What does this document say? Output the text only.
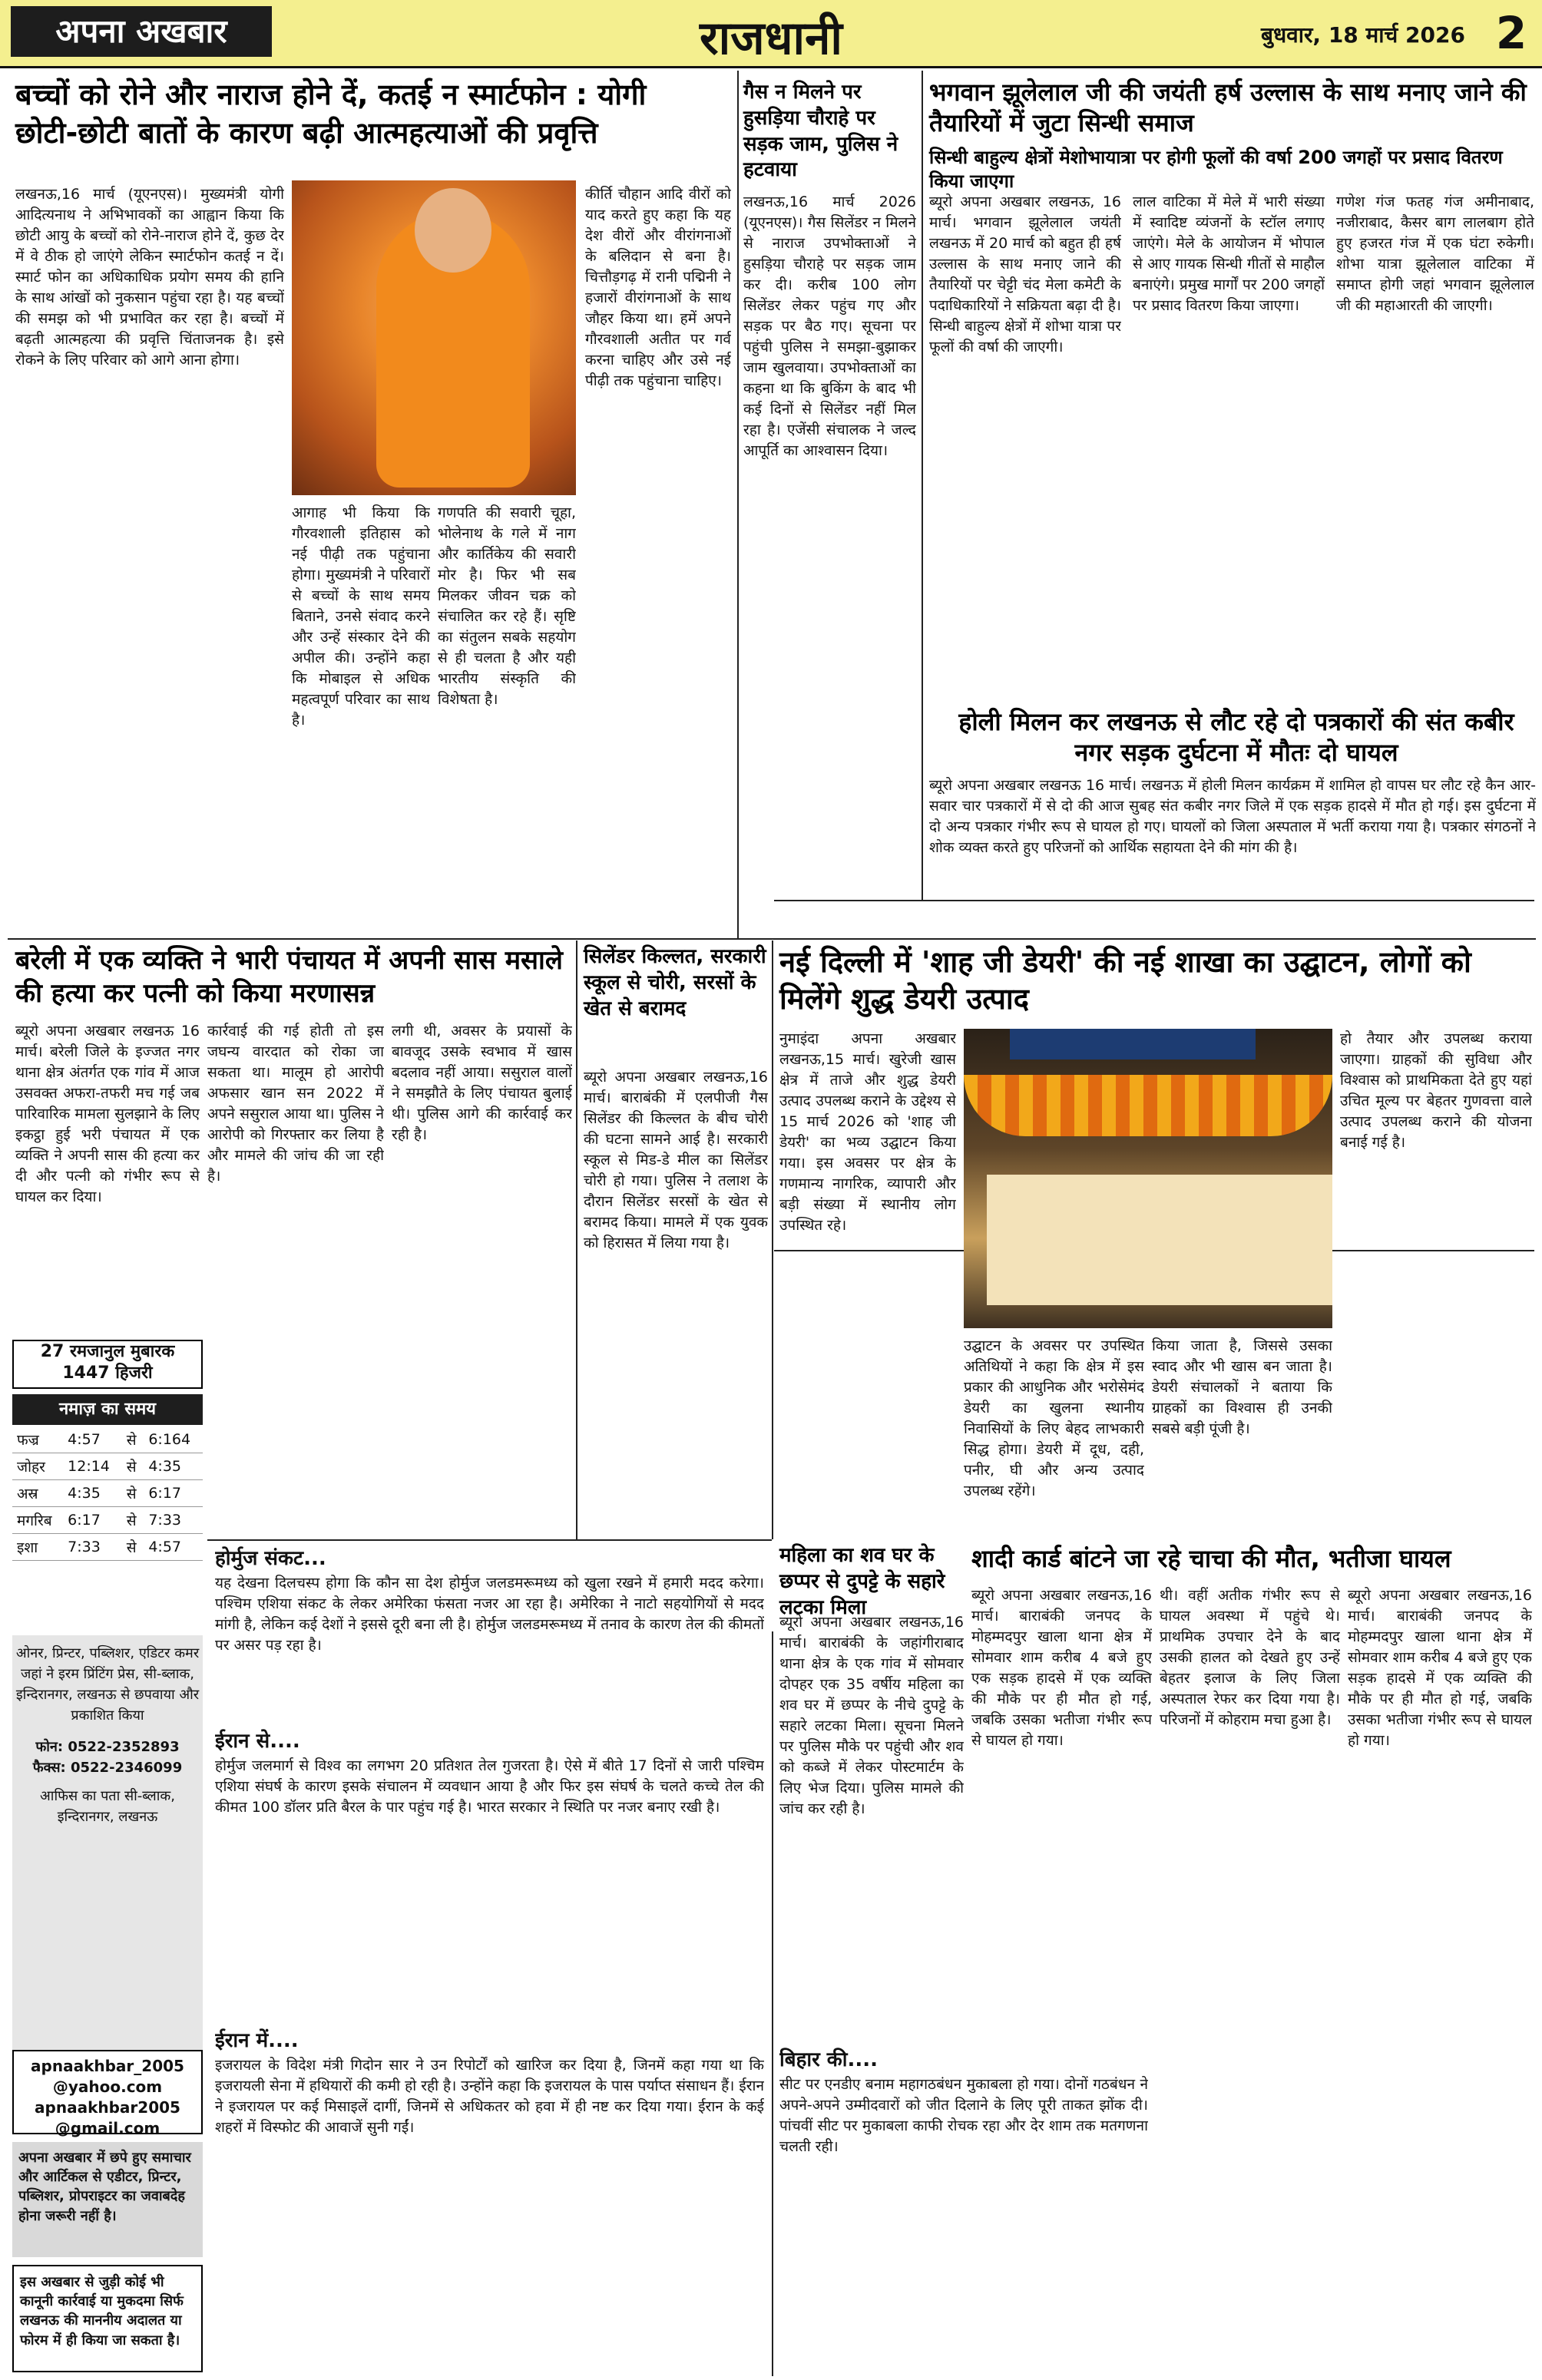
अपना अखबार	राजधानी	बुधवार, 18 मार्च 2026 2
बच्चों को रोने और नाराज होने दें, कतई न स्मार्टफोन : योगी
छोटी-छोटी बातों के कारण बढ़ी आत्महत्याओं की प्रवृत्ति
लखनऊ,16 मार्च (यूएनएस)। मुख्यमंत्री योगी आदित्यनाथ ने अभिभावकों का आह्वान किया कि छोटी आयु के बच्चों को रोने-नाराज होने दें, कुछ देर में वे ठीक हो जाएंगे लेकिन स्मार्टफोन कतई न दें। स्मार्ट फोन का अधिकाधिक प्रयोग समय की हानि के साथ आंखों को नुकसान पहुंचा रहा है। यह बच्चों की समझ को भी प्रभावित कर रहा है। बच्चों में बढ़ती आत्महत्या की प्रवृत्ति चिंताजनक है। इसे रोकने के लिए परिवार को आगे आना होगा।
आगाह भी किया कि गौरवशाली इतिहास को नई पीढ़ी तक पहुंचाना होगा। मुख्यमंत्री ने परिवारों से बच्चों के साथ समय बिताने, उनसे संवाद करने और उन्हें संस्कार देने की अपील की। उन्होंने कहा कि मोबाइल से अधिक महत्वपूर्ण परिवार का साथ है।
गणपति की सवारी चूहा, भोलेनाथ के गले में नाग और कार्तिकेय की सवारी मोर है। फिर भी सब मिलकर जीवन चक्र को संचालित कर रहे हैं। सृष्टि का संतुलन सबके सहयोग से ही चलता है और यही भारतीय संस्कृति की विशेषता है।
कीर्ति चौहान आदि वीरों को याद करते हुए कहा कि यह देश वीरों और वीरांगनाओं के बलिदान से बना है। चित्तौड़गढ़ में रानी पद्मिनी ने हजारों वीरांगनाओं के साथ जौहर किया था। हमें अपने गौरवशाली अतीत पर गर्व करना चाहिए और उसे नई पीढ़ी तक पहुंचाना चाहिए।
गैस न मिलने पर हुसड़िया चौराहे पर सड़क जाम, पुलिस ने हटवाया
लखनऊ,16 मार्च 2026 (यूएनएस)। गैस सिलेंडर न मिलने से नाराज उपभोक्ताओं ने हुसड़िया चौराहे पर सड़क जाम कर दी। करीब 100 लोग सिलेंडर लेकर पहुंच गए और सड़क पर बैठ गए। सूचना पर पहुंची पुलिस ने समझा-बुझाकर जाम खुलवाया। उपभोक्ताओं का कहना था कि बुकिंग के बाद भी कई दिनों से सिलेंडर नहीं मिल रहा है। एजेंसी संचालक ने जल्द आपूर्ति का आश्वासन दिया।
भगवान झूलेलाल जी की जयंती हर्ष उल्लास के साथ मनाए जाने की तैयारियों में जुटा सिन्धी समाज
सिन्धी बाहुल्य क्षेत्रों मेशोभायात्रा पर होगी फूलों की वर्षा 200 जगहों पर प्रसाद वितरण किया जाएगा
ब्यूरो अपना अखबार लखनऊ, 16 मार्च। भगवान झूलेलाल जयंती लखनऊ में 20 मार्च को बहुत ही हर्ष उल्लास के साथ मनाए जाने की तैयारियों पर चेट्टी चंद मेला कमेटी के पदाधिकारियों ने सक्रियता बढ़ा दी है। सिन्धी बाहुल्य क्षेत्रों में शोभा यात्रा पर फूलों की वर्षा की जाएगी।
लाल वाटिका में मेले में भारी संख्या में स्वादिष्ट व्यंजनों के स्टॉल लगाए जाएंगे। मेले के आयोजन में भोपाल से आए गायक सिन्धी गीतों से माहौल बनाएंगे। प्रमुख मार्गों पर 200 जगहों पर प्रसाद वितरण किया जाएगा।
गणेश गंज फतह गंज अमीनाबाद, नजीराबाद, कैसर बाग लालबाग होते हुए हजरत गंज में एक घंटा रुकेगी। शोभा यात्रा झूलेलाल वाटिका में समाप्त होगी जहां भगवान झूलेलाल जी की महाआरती की जाएगी।
होली मिलन कर लखनऊ से लौट रहे दो पत्रकारों की संत कबीर नगर सड़क दुर्घटना में मौतः दो घायल
ब्यूरो अपना अखबार लखनऊ 16 मार्च। लखनऊ में होली मिलन कार्यक्रम में शामिल हो वापस घर लौट रहे कैन आर-सवार चार पत्रकारों में से दो की आज सुबह संत कबीर नगर जिले में एक सड़क हादसे में मौत हो गई। इस दुर्घटना में दो अन्य पत्रकार गंभीर रूप से घायल हो गए। घायलों को जिला अस्पताल में भर्ती कराया गया है। पत्रकार संगठनों ने शोक व्यक्त करते हुए परिजनों को आर्थिक सहायता देने की मांग की है।
बरेली में एक व्यक्ति ने भारी पंचायत में अपनी सास मसाले की हत्या कर पत्नी को किया मरणासन्न
ब्यूरो अपना अखबार लखनऊ 16 मार्च। बरेली जिले के इज्जत नगर थाना क्षेत्र अंतर्गत एक गांव में आज उसवक्त अफरा-तफरी मच गई जब पारिवारिक मामला सुलझाने के लिए इकट्ठा हुई भरी पंचायत में एक व्यक्ति ने अपनी सास की हत्या कर दी और पत्नी को गंभीर रूप से घायल कर दिया।
कार्रवाई की गई होती तो इस जघन्य वारदात को रोका जा सकता था। मालूम हो आरोपी अफसार खान सन 2022 में अपने ससुराल आया था। पुलिस ने आरोपी को गिरफ्तार कर लिया है और मामले की जांच की जा रही है।
लगी थी, अवसर के प्रयासों के बावजूद उसके स्वभाव में खास बदलाव नहीं आया। ससुराल वालों ने समझौते के लिए पंचायत बुलाई थी। पुलिस आगे की कार्रवाई कर रही है।
सिलेंडर किल्लत, सरकारी स्कूल से चोरी, सरसों के खेत से बरामद
ब्यूरो अपना अखबार लखनऊ,16 मार्च। बाराबंकी में एलपीजी गैस सिलेंडर की किल्लत के बीच चोरी की घटना सामने आई है। सरकारी स्कूल से मिड-डे मील का सिलेंडर चोरी हो गया। पुलिस ने तलाश के दौरान सिलेंडर सरसों के खेत से बरामद किया। मामले में एक युवक को हिरासत में लिया गया है।
नई दिल्ली में 'शाह जी डेयरी' की नई शाखा का उद्घाटन, लोगों को मिलेंगे शुद्ध डेयरी उत्पाद
नुमाइंदा अपना अखबार लखनऊ,15 मार्च। खुरेजी खास क्षेत्र में ताजे और शुद्ध डेयरी उत्पाद उपलब्ध कराने के उद्देश्य से 15 मार्च 2026 को 'शाह जी डेयरी' का भव्य उद्घाटन किया गया। इस अवसर पर क्षेत्र के गणमान्य नागरिक, व्यापारी और बड़ी संख्या में स्थानीय लोग उपस्थित रहे।
हो तैयार और उपलब्ध कराया जाएगा। ग्राहकों की सुविधा और विश्वास को प्राथमिकता देते हुए यहां उचित मूल्य पर बेहतर गुणवत्ता वाले उत्पाद उपलब्ध कराने की योजना बनाई गई है।
उद्घाटन के अवसर पर उपस्थित अतिथियों ने कहा कि क्षेत्र में इस प्रकार की आधुनिक और भरोसेमंद डेयरी का खुलना स्थानीय निवासियों के लिए बेहद लाभकारी सिद्ध होगा। डेयरी में दूध, दही, पनीर, घी और अन्य उत्पाद उपलब्ध रहेंगे।
किया जाता है, जिससे उसका स्वाद और भी खास बन जाता है। डेयरी संचालकों ने बताया कि ग्राहकों का विश्वास ही उनकी सबसे बड़ी पूंजी है।
27 रमजानुल मुबारक
1447 हिजरी
नमाज़ का समय
फज्र	4:57	से	6:164
जोहर	12:14	से	4:35
अस्र	4:35	से	6:17
मगरिब	6:17	से	7:33
इशा	7:33	से	4:57 होर्मुज संकट...
यह देखना दिलचस्प होगा कि कौन सा देश होर्मुज जलडमरूमध्य को खुला रखने में हमारी मदद करेगा। पश्चिम एशिया संकट के लेकर अमेरिका फंसता नजर आ रहा है। अमेरिका ने नाटो सहयोगियों से मदद मांगी है, लेकिन कई देशों ने इससे दूरी बना ली है। होर्मुज जलडमरूमध्य में तनाव के कारण तेल की कीमतों पर असर पड़ रहा है।
ईरान से....
होर्मुज जलमार्ग से विश्व का लगभग 20 प्रतिशत तेल गुजरता है। ऐसे में बीते 17 दिनों से जारी पश्चिम एशिया संघर्ष के कारण इसके संचालन में व्यवधान आया है और फिर इस संघर्ष के चलते कच्चे तेल की कीमत 100 डॉलर प्रति बैरल के पार पहुंच गई है। भारत सरकार ने स्थिति पर नजर बनाए रखी है।
ईरान में....
इजरायल के विदेश मंत्री गिदोन सार ने उन रिपोर्टों को खारिज कर दिया है, जिनमें कहा गया था कि इजरायली सेना में हथियारों की कमी हो रही है। उन्होंने कहा कि इजरायल के पास पर्याप्त संसाधन हैं। ईरान ने इजरायल पर कई मिसाइलें दागीं, जिनमें से अधिकतर को हवा में ही नष्ट कर दिया गया। ईरान के कई शहरों में विस्फोट की आवाजें सुनी गईं।
ओनर, प्रिन्टर, पब्लिशर, एडिटर कमर जहां ने इरम प्रिंटिंग प्रेस, सी-ब्लाक, इन्दिरानगर, लखनऊ से छपवाया और प्रकाशित किया
फोन: 0522-2352893
फैक्स: 0522-2346099
आफिस का पता सी-ब्लाक, इन्दिरानगर, लखनऊ
apnaakhbar_2005
@yahoo.com
apnaakhbar2005
@gmail.com
अपना अखबार में छपे हुए समाचार और आर्टिकल से एडीटर, प्रिन्टर, पब्लिशर, प्रोपराइटर का जवाबदेह होना जरूरी नहीं है।
इस अखबार से जुड़ी कोई भी कानूनी कार्रवाई या मुकदमा सिर्फ लखनऊ की माननीय अदालत या फोरम में ही किया जा सकता है।
महिला का शव घर के छप्पर से दुपट्टे के सहारे लटका मिला
ब्यूरो अपना अखबार लखनऊ,16 मार्च। बाराबंकी के जहांगीराबाद थाना क्षेत्र के एक गांव में सोमवार दोपहर एक 35 वर्षीय महिला का शव घर में छप्पर के नीचे दुपट्टे के सहारे लटका मिला। सूचना मिलने पर पुलिस मौके पर पहुंची और शव को कब्जे में लेकर पोस्टमार्टम के लिए भेज दिया। पुलिस मामले की जांच कर रही है।
बिहार की....
सीट पर एनडीए बनाम महागठबंधन मुकाबला हो गया। दोनों गठबंधन ने अपने-अपने उम्मीदवारों को जीत दिलाने के लिए पूरी ताकत झोंक दी। पांचवीं सीट पर मुकाबला काफी रोचक रहा और देर शाम तक मतगणना चलती रही।
शादी कार्ड बांटने जा रहे चाचा की मौत, भतीजा घायल
ब्यूरो अपना अखबार लखनऊ,16 मार्च। बाराबंकी जनपद के मोहम्मदपुर खाला थाना क्षेत्र में सोमवार शाम करीब 4 बजे हुए एक सड़क हादसे में एक व्यक्ति की मौके पर ही मौत हो गई, जबकि उसका भतीजा गंभीर रूप से घायल हो गया।
थी। वहीं अतीक गंभीर रूप से घायल अवस्था में पहुंचे थे। प्राथमिक उपचार देने के बाद उसकी हालत को देखते हुए उन्हें बेहतर इलाज के लिए जिला अस्पताल रेफर कर दिया गया है। परिजनों में कोहराम मचा हुआ है।
ब्यूरो अपना अखबार लखनऊ,16 मार्च। बाराबंकी जनपद के मोहम्मदपुर खाला थाना क्षेत्र में सोमवार शाम करीब 4 बजे हुए एक सड़क हादसे में एक व्यक्ति की मौके पर ही मौत हो गई, जबकि उसका भतीजा गंभीर रूप से घायल हो गया।
